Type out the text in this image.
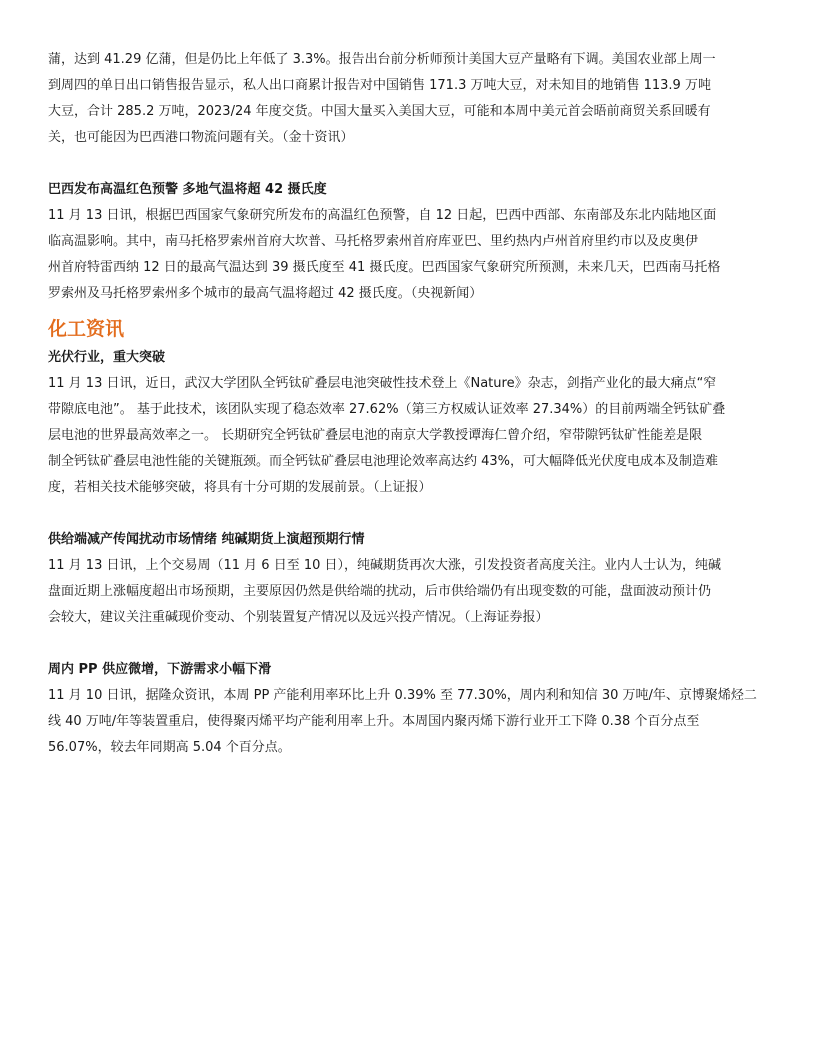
蒲，达到 41.29 亿蒲，但是仍比上年低了 3.3%。报告出台前分析师预计美国大豆产量略有下调。美国农业部上周一
到周四的单日出口销售报告显示，私人出口商累计报告对中国销售 171.3 万吨大豆，对未知目的地销售 113.9 万吨
大豆，合计 285.2 万吨，2023/24 年度交货。中国大量买入美国大豆，可能和本周中美元首会晤前商贸关系回暖有
关，也可能因为巴西港口物流问题有关。（金十资讯）
巴西发布高温红色预警 多地气温将超 42 摄氏度
11 月 13 日讯，根据巴西国家气象研究所发布的高温红色预警，自 12 日起，巴西中西部、东南部及东北内陆地区面
临高温影响。其中，南马托格罗索州首府大坎普、马托格罗索州首府库亚巴、里约热内卢州首府里约市以及皮奥伊
州首府特雷西纳 12 日的最高气温达到 39 摄氏度至 41 摄氏度。巴西国家气象研究所预测，未来几天，巴西南马托格
罗索州及马托格罗索州多个城市的最高气温将超过 42 摄氏度。（央视新闻）
化工资讯
光伏行业，重大突破
11 月 13 日讯，近日，武汉大学团队全钙钛矿叠层电池突破性技术登上《Nature》杂志，剑指产业化的最大痛点“窄
带隙底电池”。 基于此技术，该团队实现了稳态效率 27.62%（第三方权威认证效率 27.34%）的目前两端全钙钛矿叠
层电池的世界最高效率之一。 长期研究全钙钛矿叠层电池的南京大学教授谭海仁曾介绍，窄带隙钙钛矿性能差是限
制全钙钛矿叠层电池性能的关键瓶颈。而全钙钛矿叠层电池理论效率高达约 43%，可大幅降低光伏度电成本及制造难
度，若相关技术能够突破，将具有十分可期的发展前景。（上证报）
供给端减产传闻扰动市场情绪 纯碱期货上演超预期行情
11 月 13 日讯，上个交易周（11 月 6 日至 10 日），纯碱期货再次大涨，引发投资者高度关注。业内人士认为，纯碱
盘面近期上涨幅度超出市场预期，主要原因仍然是供给端的扰动，后市供给端仍有出现变数的可能，盘面波动预计仍
会较大，建议关注重碱现价变动、个别装置复产情况以及远兴投产情况。（上海证券报）
周内 PP 供应微增，下游需求小幅下滑
11 月 10 日讯，据隆众资讯，本周 PP 产能利用率环比上升 0.39% 至 77.30%，周内利和知信 30 万吨/年、京博聚烯烃二
线 40 万吨/年等装置重启，使得聚丙烯平均产能利用率上升。本周国内聚丙烯下游行业开工下降 0.38 个百分点至
56.07%，较去年同期高 5.04 个百分点。
